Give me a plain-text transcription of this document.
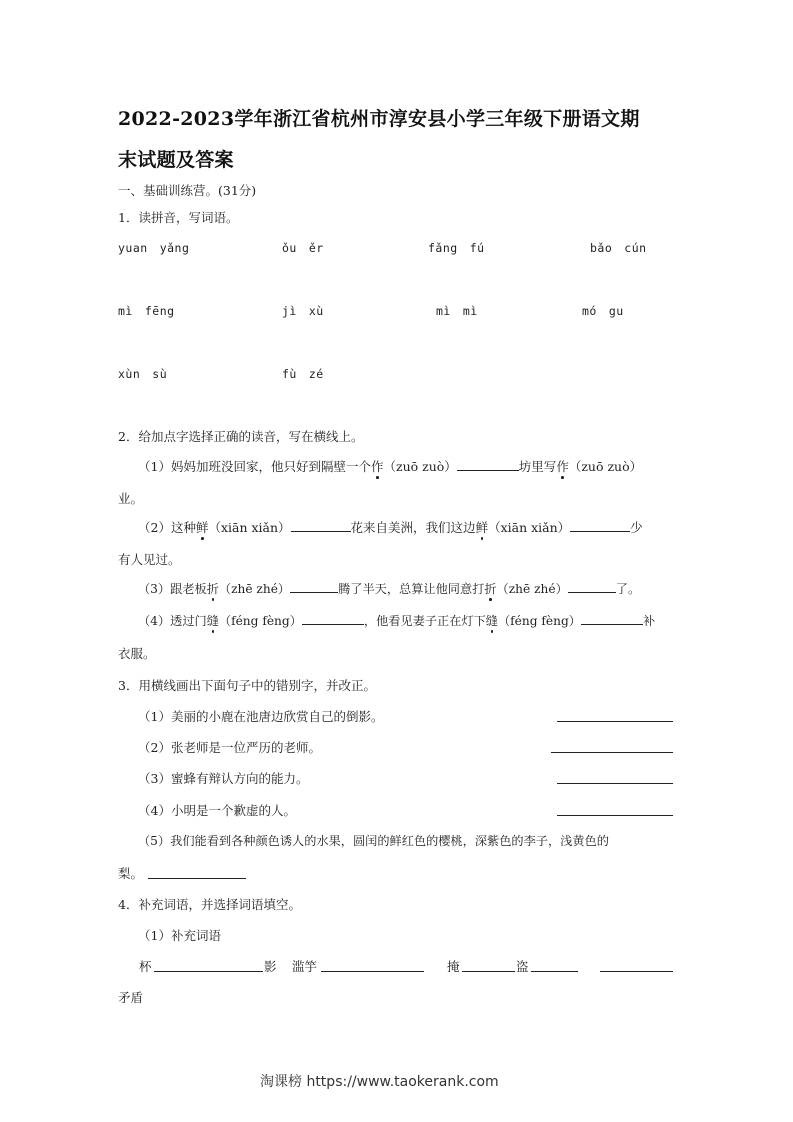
2022-2023学年浙江省杭州市淳安县小学三年级下册语文期
末试题及答案
一、基础训练营。(31分)
1．读拼音，写词语。
yuan　yǎng	ǒu　ěr	fǎng　fú	bǎo　cún
mì　fēng	jì　xù	mì　mì	mó　gu
xùn　sù	fù　zé
2．给加点字选择正确的读音，写在横线上。
（1）妈妈加班没回家，他只好到隔壁一个作（zuō zuò）	坊里写作（zuō zuò）
业。
（2）这种鲜（xiān xiǎn）	花来自美洲，我们这边鲜（xiān xiǎn）	少
有人见过。
（3）跟老板折（zhē zhé）	腾了半天，总算让他同意打折（zhē zhé）	了。
（4）透过门缝（féng fèng）	，他看见妻子正在灯下缝（féng fèng）	补
衣服。
3．用横线画出下面句子中的错别字，并改正。
（1）美丽的小鹿在池唐边欣赏自己的倒影。
（2）张老师是一位严历的老师。
（3）蜜蜂有辩认方向的能力。
（4）小明是一个歉虚的人。
（5）我们能看到各种颜色诱人的水果，圆闰的鲜红色的樱桃，深紫色的李子，浅黄色的
梨。
4．补充词语，并选择词语填空。
（1）补充词语
杯	影 滥竽	掩	盗
矛盾
淘课榜 https://www.taokerank.com
